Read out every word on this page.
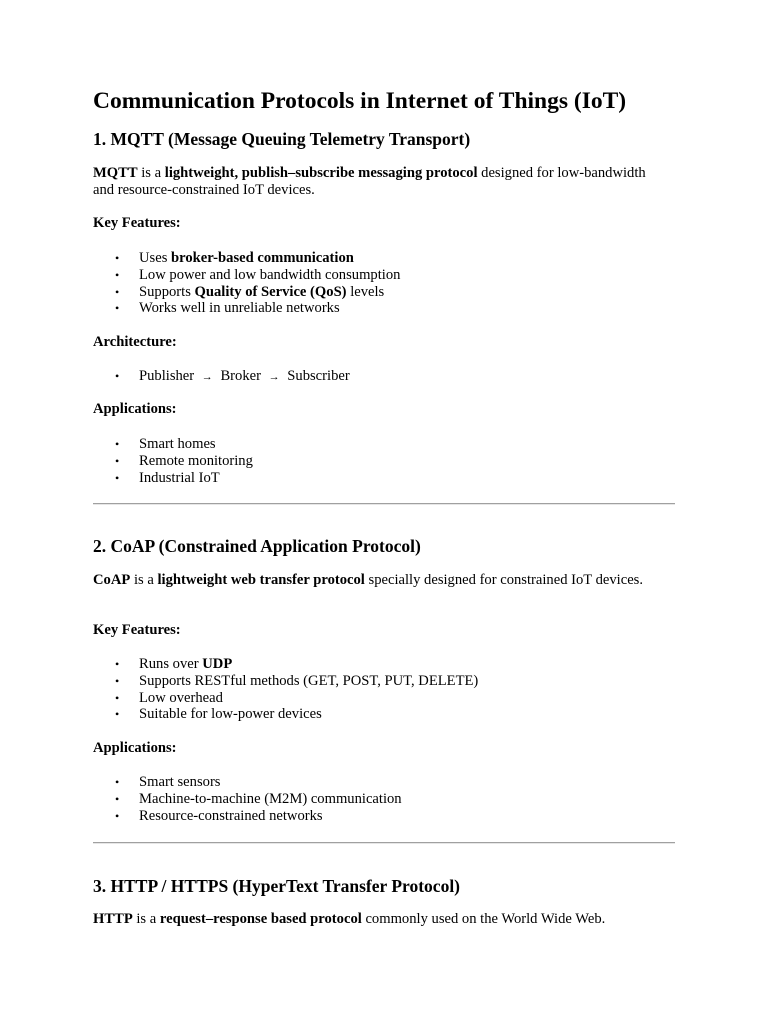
Communication Protocols in Internet of Things (IoT)
1. MQTT (Message Queuing Telemetry Transport)

MQTT is a lightweight, publish–subscribe messaging protocol designed for low-bandwidth and resource-constrained IoT devices.

Key Features:

• Uses broker-based communication
• Low power and low bandwidth consumption
• Supports Quality of Service (QoS) levels
• Works well in unreliable networks

Architecture:

• Publisher → Broker → Subscriber

Applications:

• Smart homes
• Remote monitoring
• Industrial IoT
2. CoAP (Constrained Application Protocol)

CoAP is a lightweight web transfer protocol specially designed for constrained IoT devices.

Key Features:

• Runs over UDP
• Supports RESTful methods (GET, POST, PUT, DELETE)
• Low overhead
• Suitable for low-power devices

Applications:

• Smart sensors
• Machine-to-machine (M2M) communication
• Resource-constrained networks
3. HTTP / HTTPS (HyperText Transfer Protocol)

HTTP is a request–response based protocol commonly used on the World Wide Web.
